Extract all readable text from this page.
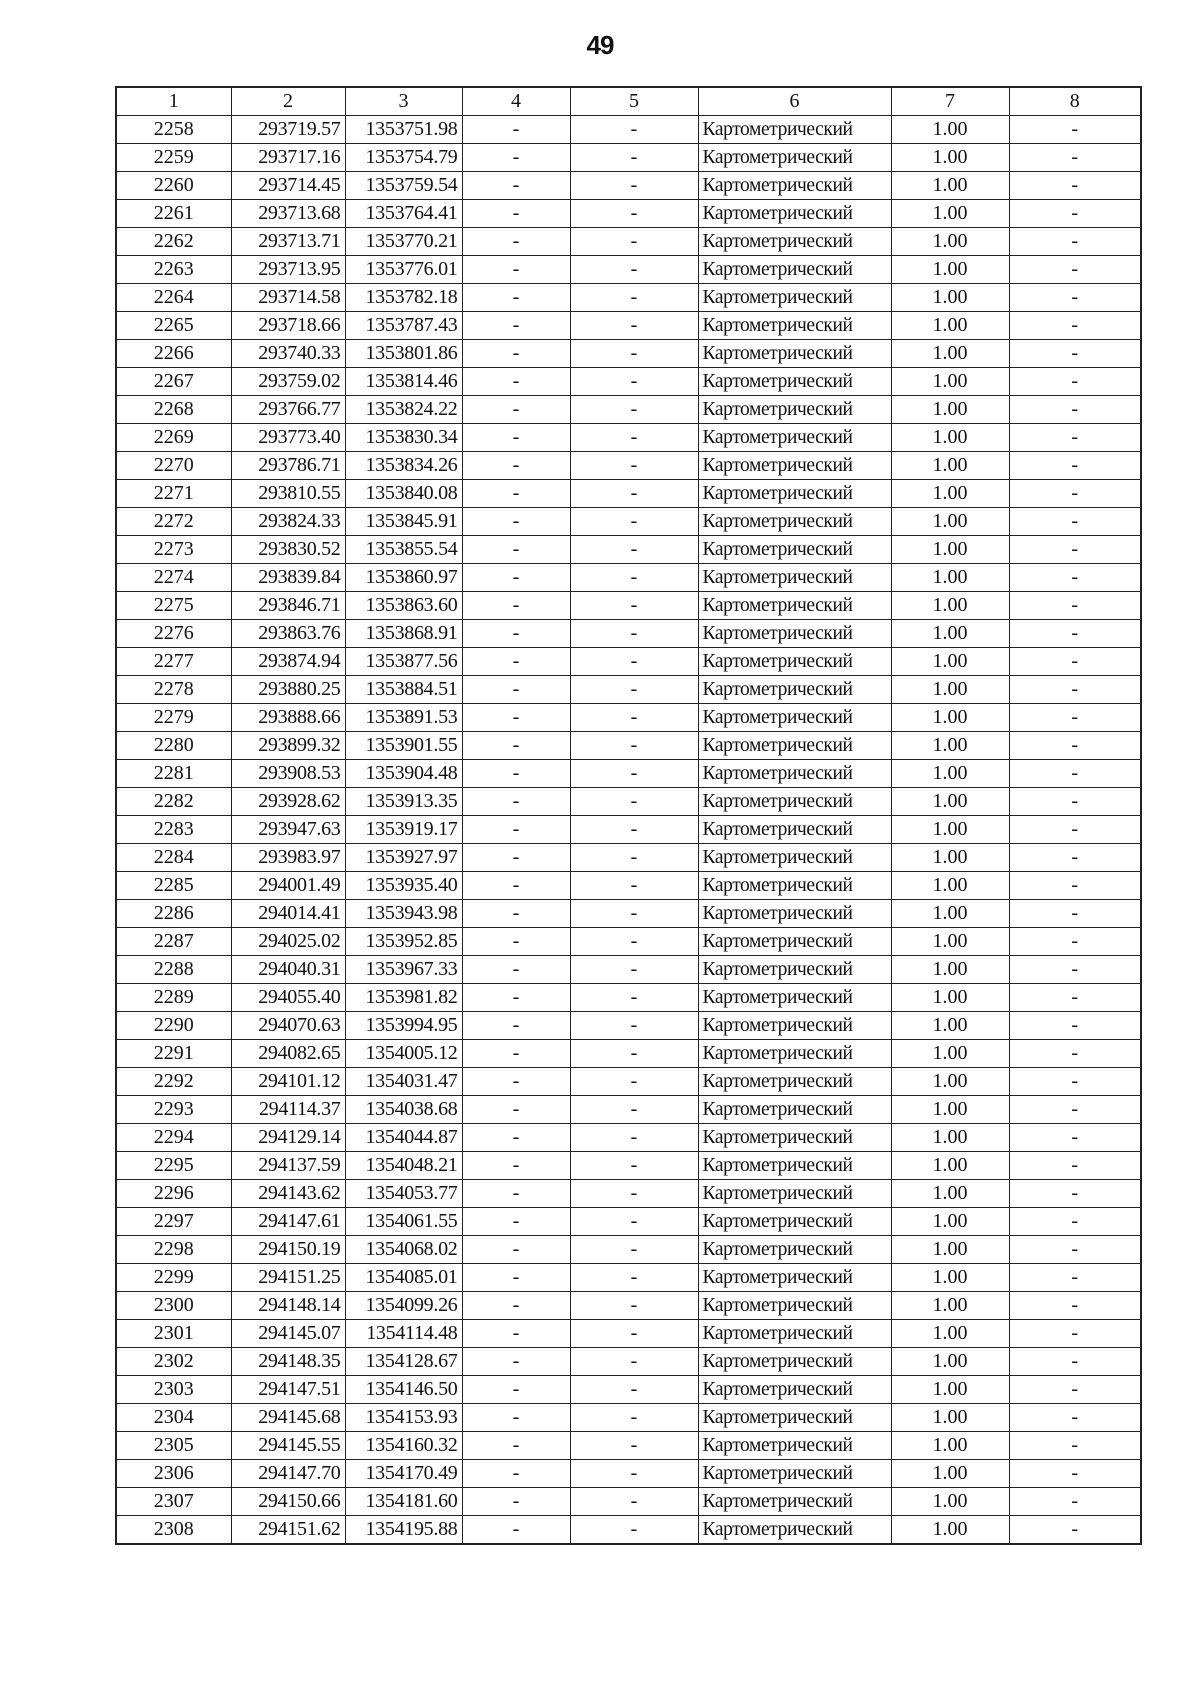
49
1	2	3	4	5	6	7	8
2258	293719.57	1353751.98	-	-	Картометрический	1.00	-
2259	293717.16	1353754.79	-	-	Картометрический	1.00	-
2260	293714.45	1353759.54	-	-	Картометрический	1.00	-
2261	293713.68	1353764.41	-	-	Картометрический	1.00	-
2262	293713.71	1353770.21	-	-	Картометрический	1.00	-
2263	293713.95	1353776.01	-	-	Картометрический	1.00	-
2264	293714.58	1353782.18	-	-	Картометрический	1.00	-
2265	293718.66	1353787.43	-	-	Картометрический	1.00	-
2266	293740.33	1353801.86	-	-	Картометрический	1.00	-
2267	293759.02	1353814.46	-	-	Картометрический	1.00	-
2268	293766.77	1353824.22	-	-	Картометрический	1.00	-
2269	293773.40	1353830.34	-	-	Картометрический	1.00	-
2270	293786.71	1353834.26	-	-	Картометрический	1.00	-
2271	293810.55	1353840.08	-	-	Картометрический	1.00	-
2272	293824.33	1353845.91	-	-	Картометрический	1.00	-
2273	293830.52	1353855.54	-	-	Картометрический	1.00	-
2274	293839.84	1353860.97	-	-	Картометрический	1.00	-
2275	293846.71	1353863.60	-	-	Картометрический	1.00	-
2276	293863.76	1353868.91	-	-	Картометрический	1.00	-
2277	293874.94	1353877.56	-	-	Картометрический	1.00	-
2278	293880.25	1353884.51	-	-	Картометрический	1.00	-
2279	293888.66	1353891.53	-	-	Картометрический	1.00	-
2280	293899.32	1353901.55	-	-	Картометрический	1.00	-
2281	293908.53	1353904.48	-	-	Картометрический	1.00	-
2282	293928.62	1353913.35	-	-	Картометрический	1.00	-
2283	293947.63	1353919.17	-	-	Картометрический	1.00	-
2284	293983.97	1353927.97	-	-	Картометрический	1.00	-
2285	294001.49	1353935.40	-	-	Картометрический	1.00	-
2286	294014.41	1353943.98	-	-	Картометрический	1.00	-
2287	294025.02	1353952.85	-	-	Картометрический	1.00	-
2288	294040.31	1353967.33	-	-	Картометрический	1.00	-
2289	294055.40	1353981.82	-	-	Картометрический	1.00	-
2290	294070.63	1353994.95	-	-	Картометрический	1.00	-
2291	294082.65	1354005.12	-	-	Картометрический	1.00	-
2292	294101.12	1354031.47	-	-	Картометрический	1.00	-
2293	294114.37	1354038.68	-	-	Картометрический	1.00	-
2294	294129.14	1354044.87	-	-	Картометрический	1.00	-
2295	294137.59	1354048.21	-	-	Картометрический	1.00	-
2296	294143.62	1354053.77	-	-	Картометрический	1.00	-
2297	294147.61	1354061.55	-	-	Картометрический	1.00	-
2298	294150.19	1354068.02	-	-	Картометрический	1.00	-
2299	294151.25	1354085.01	-	-	Картометрический	1.00	-
2300	294148.14	1354099.26	-	-	Картометрический	1.00	-
2301	294145.07	1354114.48	-	-	Картометрический	1.00	-
2302	294148.35	1354128.67	-	-	Картометрический	1.00	-
2303	294147.51	1354146.50	-	-	Картометрический	1.00	-
2304	294145.68	1354153.93	-	-	Картометрический	1.00	-
2305	294145.55	1354160.32	-	-	Картометрический	1.00	-
2306	294147.70	1354170.49	-	-	Картометрический	1.00	-
2307	294150.66	1354181.60	-	-	Картометрический	1.00	-
2308	294151.62	1354195.88	-	-	Картометрический	1.00	-
